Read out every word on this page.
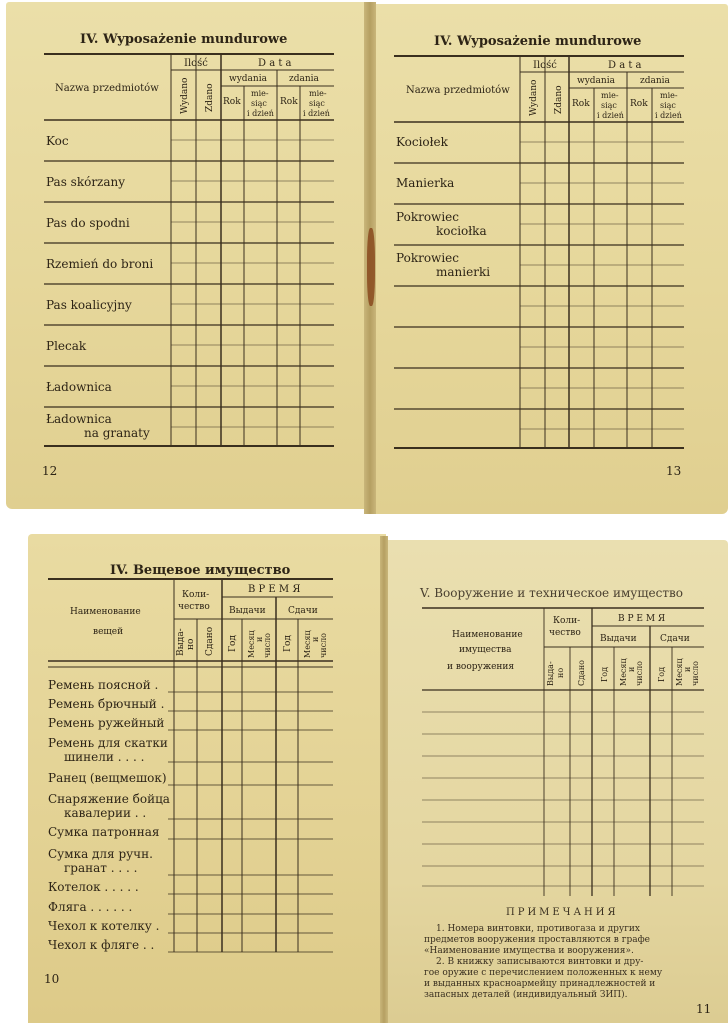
IV. Wyposażenie mundurowe
Nazwa przedmiotów
Ilość
Wydano Zdano
D a t a
wydania zdania
Rok
mie-
siąc
i dzień
Rok
mie-
siąc
i dzień
Koc
Pas skórzany
Pas do spodni
Rzemień do broni
Pas koalicyjny
Plecak
Ładownica
Ładownica
na granaty
12
IV. Wyposażenie mundurowe
Nazwa przedmiotów
Ilość
Wydano Zdano
D a t a
wydania	zdania
Rok
mie-
siąc
i dzień
Rok
mie-
siąc
i dzień
Kociołek
Manierka
Pokrowiec
kociołka
Pokrowiec
manierki
13
IV. Вещевое имущество
Наименование
вещей
Коли-
чество
Выда- но Сдано
В Р Е М Я
Выдачи Сдачи
Год Месяц и число Год Месяц и число
Ремень поясной .
Ремень брючный .
Ремень ружейный
Ремень для скатки
шинели . . . .
Ранец (вещмешок)
Снаряжение бойца
кавалерии . .
Сумка патронная
Сумка для ручн.
гранат . . . .
Котелок . . . . .
Фляга . . . . . .
Чехол к котелку .
Чехол к фляге . .
10
V. Вооружение и техническое имущество
Наименование
имущества
и вооружения
Коли-
чество
Выда- но Сдано
В Р Е М Я
Выдачи	Сдачи
Год Месяц и число Год Месяц и число
ПРИМЕЧАНИЯ
1. Номера винтовки, противогаза и других
предметов вооружения проставляются в графе
«Наименование имущества и вооружения».
2. В книжку записываются винтовки и дру-
гое оружие с перечислением положенных к нему
и выданных красноармейцу принадлежностей и
запасных деталей (индивидуальный ЗИП).
11
